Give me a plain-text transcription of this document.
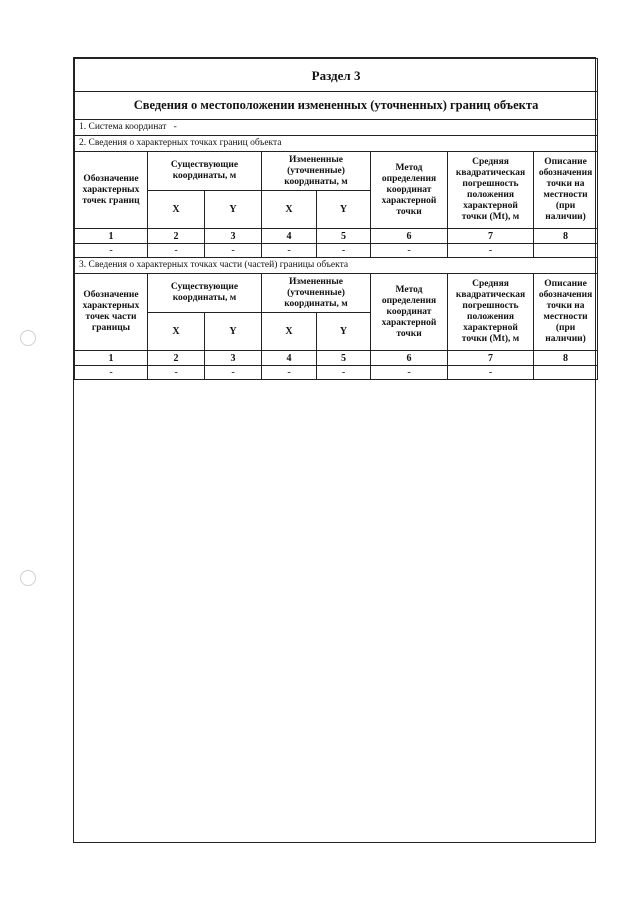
Раздел 3							
Сведения о местоположении измененных (уточненных) границ объекта							
1. Система координат -							
2. Сведения о характерных точках границ объекта							
Обозначение характерных точек границ	Существующие координаты, м		Измененные (уточненные) координаты, м		Метод определения координат характерной точки	Средняя квадратическая погрешность положения характерной точки (Mt), м	Описание обозначения точки на местности (при наличии)
	X	Y	X	Y			
1	2	3	4	5	6	7	8
-	-	-	-	-	-	-	
3. Сведения о характерных точках части (частей) границы объекта							
Обозначение характерных точек части границы	Существующие координаты, м		Измененные (уточненные) координаты, м		Метод определения координат характерной точки	Средняя квадратическая погрешность положения характерной точки (Mt), м	Описание обозначения точки на местности (при наличии)
	X	Y	X	Y			
1	2	3	4	5	6	7	8
-	-	-	-	-	-	-	
